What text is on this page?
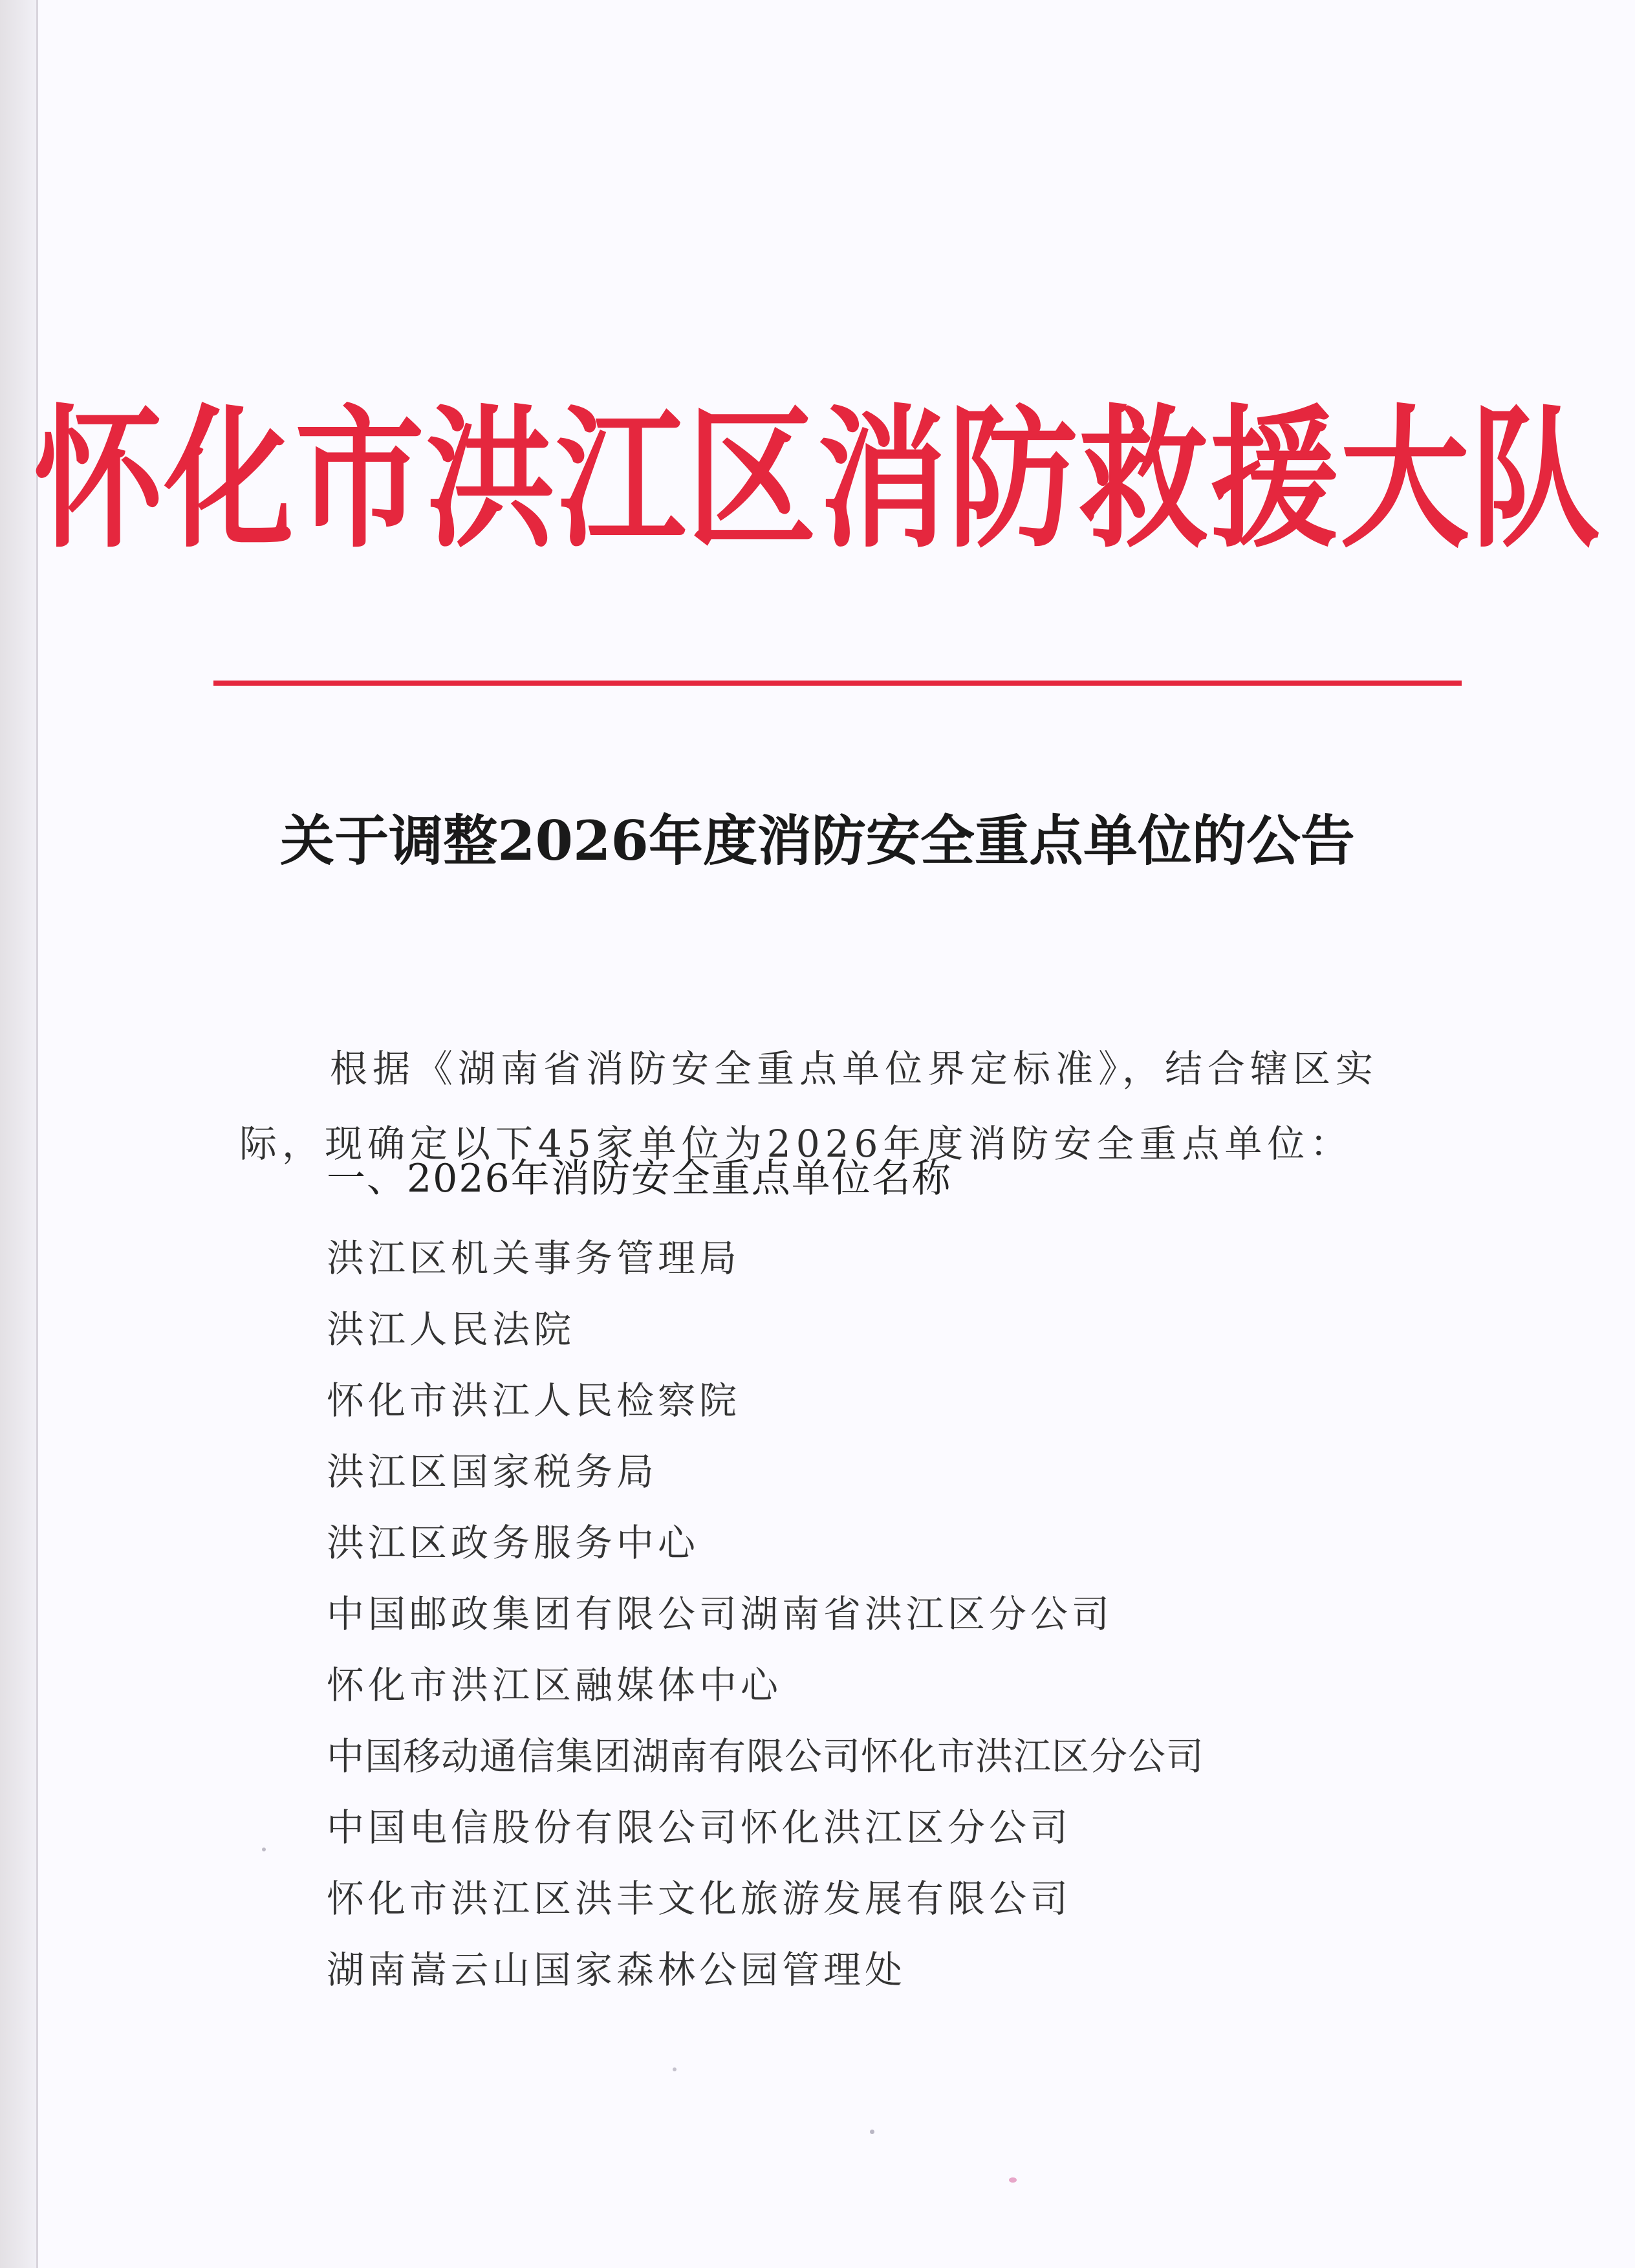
怀化市洪江区消防救援大队
关于调整2026年度消防安全重点单位的公告

根据《湖南省消防安全重点单位界定标准》，结合辖区实际，现确定以下45家单位为2026年度消防安全重点单位：

一、2026年消防安全重点单位名称
洪江区机关事务管理局
洪江人民法院
怀化市洪江人民检察院
洪江区国家税务局
洪江区政务服务中心
中国邮政集团有限公司湖南省洪江区分公司
怀化市洪江区融媒体中心
中国移动通信集团湖南有限公司怀化市洪江区分公司
中国电信股份有限公司怀化洪江区分公司
怀化市洪江区洪丰文化旅游发展有限公司
湖南嵩云山国家森林公园管理处
